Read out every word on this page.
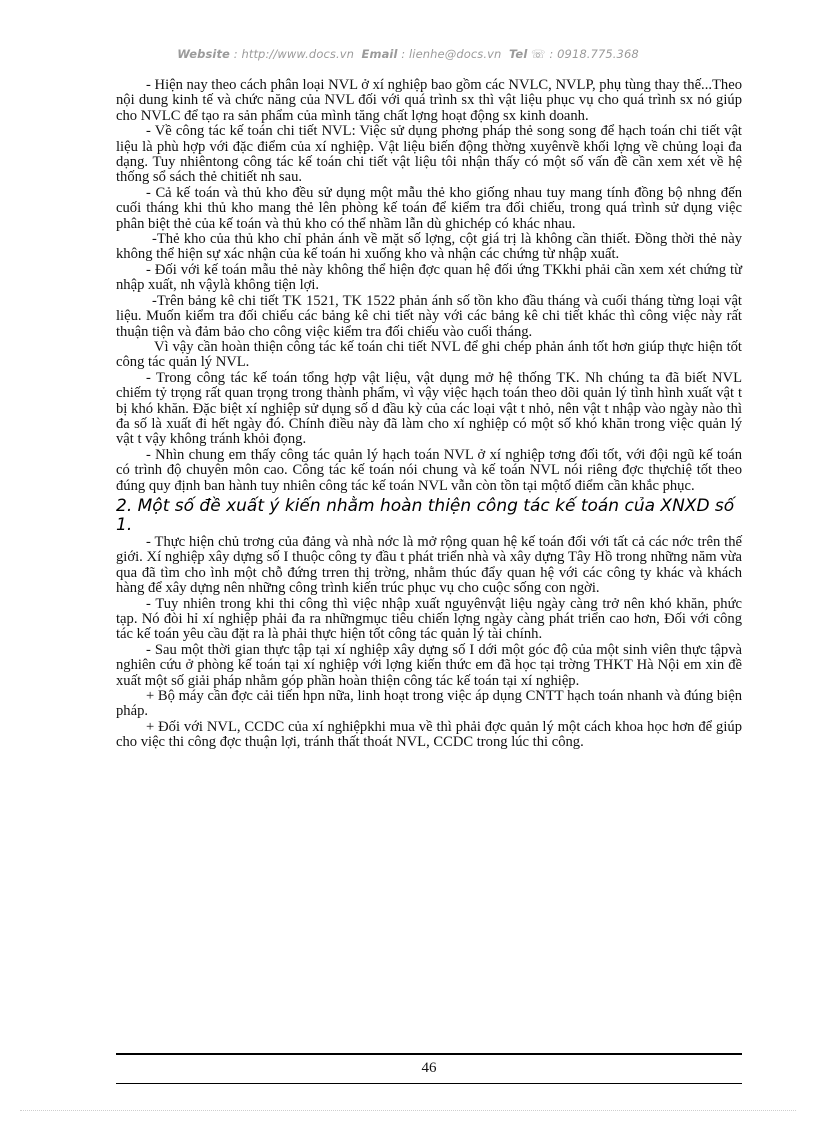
Website : http://www.docs.vn Email : lienhe@docs.vn Tel ☏ : 0918.775.368

- Hiện nay theo cách phân loại NVL ở xí nghiệp bao gồm các NVLC, NVLP, phụ tùng thay thế...Theo nội dung kinh tế và chức năng của NVL đối với quá trình sx thì vật liệu phục vụ cho quá trình sx nó giúp cho NVLC để tạo ra sản phẩm của mình tăng chất lợng hoạt động sx kinh doanh.

- Về công tác kế toán chi tiết NVL: Việc sử dụng phơng pháp thẻ song song để hạch toán chi tiết vật liệu là phù hợp với đặc điểm của xí nghiệp. Vật liệu biến động thờng xuyênvề khối lợng về chủng loại đa dạng. Tuy nhiêntong công tác kế toán chi tiết vật liệu tôi nhận thấy có một số vấn đề cần xem xét về hệ thống sổ sách thẻ chitiết nh sau.

- Cả kế toán và thủ kho đều sử dụng một mẫu thẻ kho giống nhau tuy mang tính đồng bộ nhng đến cuối tháng khi thủ kho mang thẻ lên phòng kế toán để kiểm tra đối chiếu, trong quá trình sử dụng việc phân biệt thẻ của kế toán và thủ kho có thể nhầm lẫn dù ghichép có khác nhau.

-Thẻ kho của thủ kho chỉ phản ánh về mặt số lợng, cột giá trị là không cần thiết. Đồng thời thẻ này không thể hiện sự xác nhận của kế toán hi xuống kho và nhận các chứng từ nhập xuất.

- Đối với kế toán mẫu thẻ này không thể hiện đợc quan hệ đối ứng TKkhi phải cần xem xét chứng từ nhập xuất, nh vậylà không tiện lợi.

-Trên bảng kê chi tiết TK 1521, TK 1522 phản ánh số tồn kho đầu tháng và cuối tháng từng loại vật liệu. Muốn kiểm tra đối chiếu các bảng kê chi tiết này với các bảng kê chi tiết khác thì công việc này rất thuận tiện và đảm bảo cho công việc kiểm tra đối chiếu vào cuối tháng.

Vì vậy cần hoàn thiện công tác kế toán chi tiết NVL để ghi chép phản ánh tốt hơn giúp thực hiện tốt công tác quản lý NVL.

- Trong công tác kế toán tổng hợp vật liệu, vật dụng mở hệ thống TK. Nh chúng ta đã biết NVL chiếm tỷ trọng rất quan trọng trong thành phẩm, vì vậy việc hạch toán theo dõi quản lý tình hình xuất vật t bị khó khăn. Đặc biệt xí nghiệp sử dụng số d đầu kỳ của các loại vật t nhỏ, nên vật t nhập vào ngày nào thì đa số là xuất đi hết ngày đó. Chính điều này đã làm cho xí nghiệp có một số khó khăn trong việc quản lý vật t vậy không tránh khỏi đọng.

- Nhìn chung em thấy công tác quản lý hạch toán NVL ở xí nghiệp tơng đối tốt, với đội ngũ kế toán có trình độ chuyên môn cao. Công tác kế toán nói chung và kế toán NVL nói riêng đợc thựchiệ tốt theo đúng quy định ban hành tuy nhiên công tác kế toán NVL vẫn còn tồn tại mộtố điểm cần khắc phục.

2. Một số đề xuất ý kiến nhằm hoàn thiện công tác kế toán của XNXD số 1.

- Thực hiện chủ trơng của đảng và nhà nớc là mở rộng quan hệ kế toán đối với tất cả các nớc trên thế giới. Xí nghiệp xây dựng số I thuộc công ty đầu t phát triển nhà và xây dựng Tây Hồ trong những năm vừa qua đã tìm cho ình một chỗ đứng trren thị trờng, nhằm thúc đẩy quan hệ với các công ty khác và khách hàng để xây dựng nên những công trình kiến trúc phục vụ cho cuộc sống con ngời.

- Tuy nhiên trong khi thi công thì việc nhập xuất nguyênvật liệu ngày càng trở nên khó khăn, phức tạp. Nó đòi hỉ xí nghiệp phải đa ra nhữngmục tiêu chiến lợng ngày càng phát triển cao hơn, Đối với công tác kế toán yêu cầu đặt ra là phải thực hiện tốt công tác quản lý tài chính.

- Sau một thời gian thực tập tại xí nghiệp xây dựng số I dới một góc độ của một sinh viên thực tậpvà nghiên cứu ở phòng kế toán tại xí nghiệp với lợng kiến thức em đã học tại trờng THKT Hà Nội em xin đề xuất một số giải pháp nhằm góp phần hoàn thiện công tác kế toán tại xí nghiệp.

+ Bộ máy cần đợc cải tiến hpn nữa, linh hoạt trong việc áp dụng CNTT hạch toán nhanh và đúng biện pháp.

+ Đối với NVL, CCDC của xí nghiệpkhi mua về thì phải đợc quản lý một cách khoa học hơn để giúp cho việc thi công đợc thuận lợi, tránh thất thoát NVL, CCDC trong lúc thi công.

46
